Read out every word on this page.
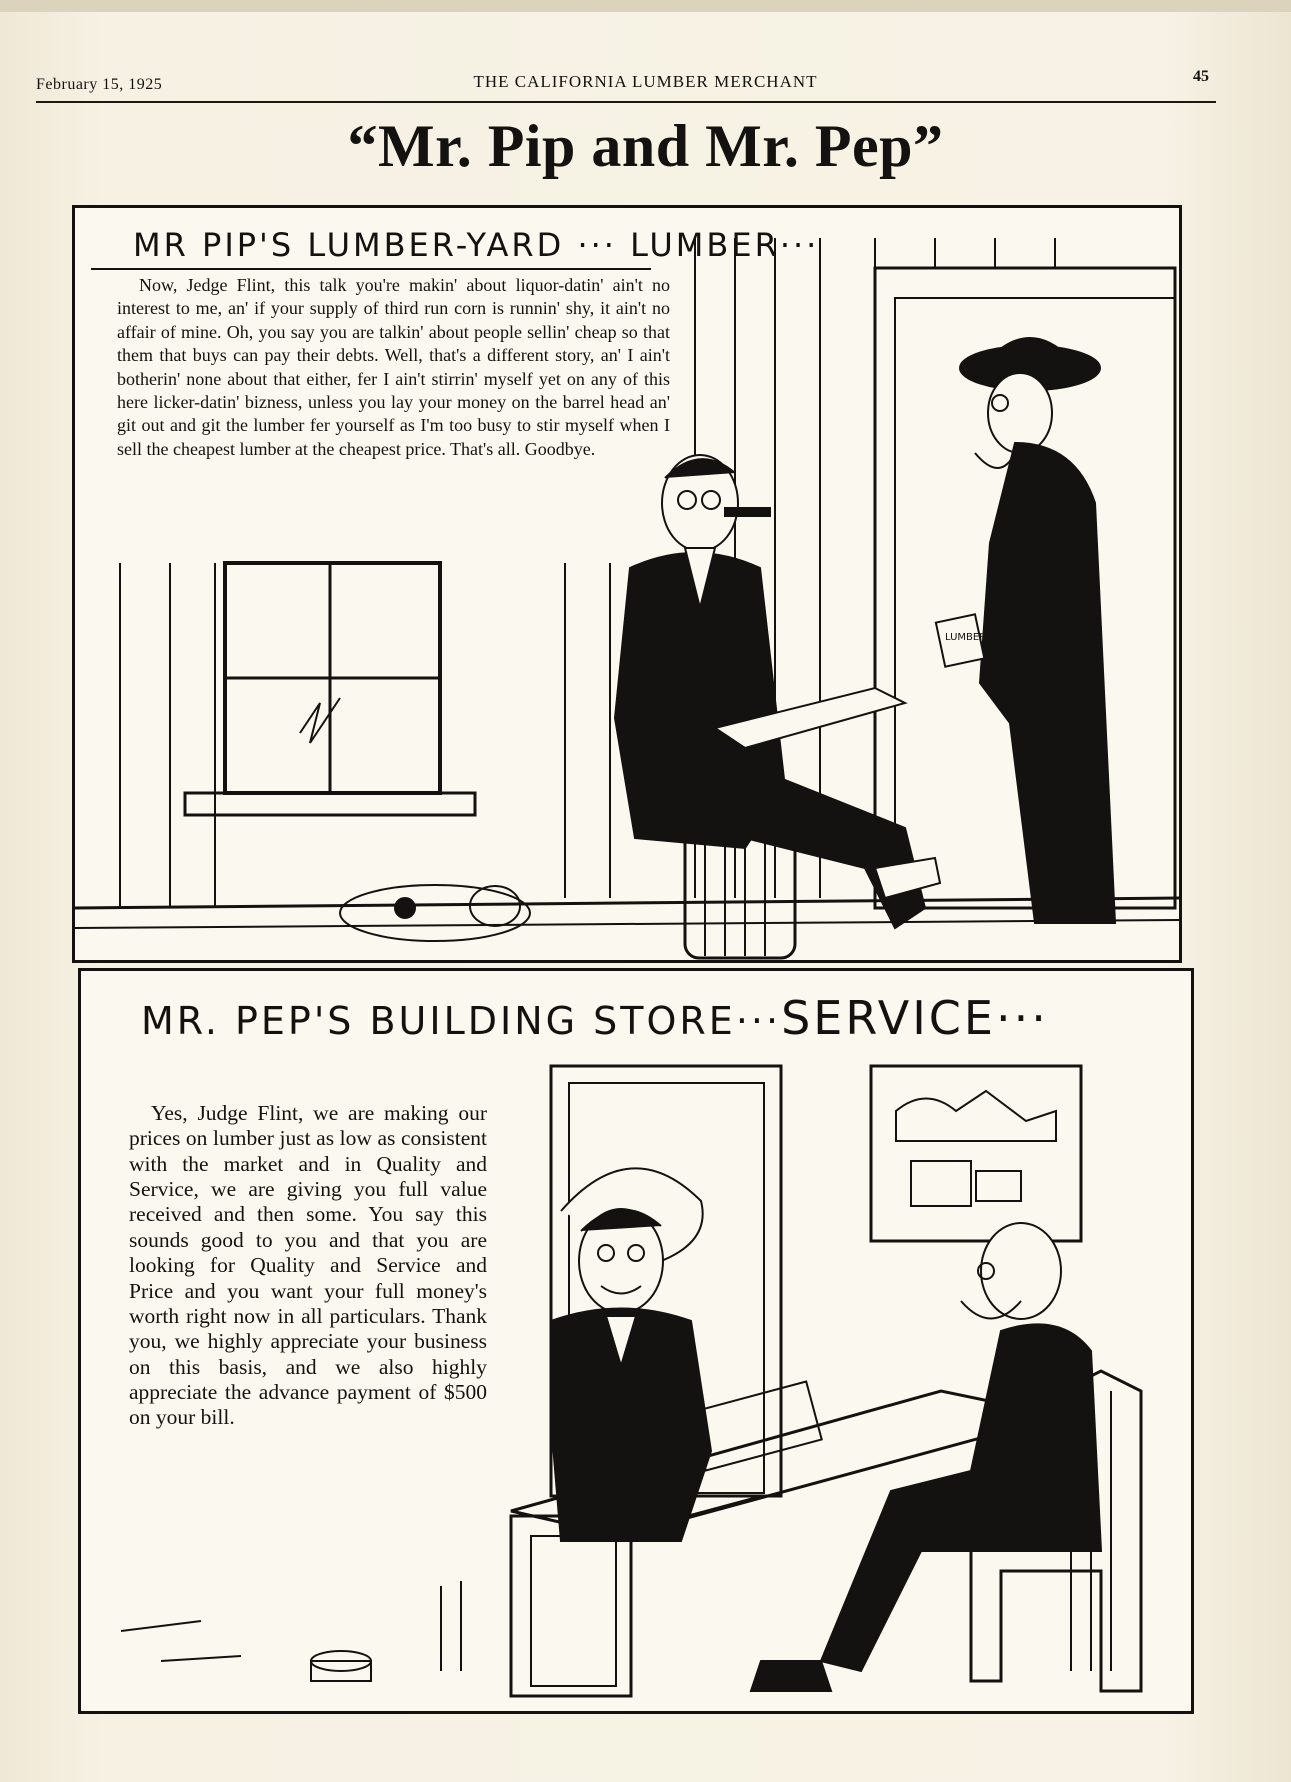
February 15, 1925	THE CALIFORNIA LUMBER MERCHANT	45
“Mr. Pip and Mr. Pep”
LUMBER BILL
MR PIP'S LUMBER-YARD ··· LUMBER···
Now, Jedge Flint, this talk you're makin' about liquor-datin' ain't no interest to me, an' if your supply of third run corn is runnin' shy, it ain't no affair of mine. Oh, you say you are talkin' about people sellin' cheap so that them that buys can pay their debts. Well, that's a different story, an' I ain't botherin' none about that either, fer I ain't stirrin' myself yet on any of this here licker-datin' bizness, unless you lay your money on the barrel head an' git out and git the lumber fer yourself as I'm too busy to stir myself when I sell the cheapest lumber at the cheapest price. That's all. Goodbye.
MR. PEP'S BUILDING STORE···SERVICE···
Yes, Judge Flint, we are making our prices on lumber just as low as consistent with the market and in Quality and Service, we are giving you full value received and then some. You say this sounds good to you and that you are looking for Quality and Service and Price and you want your full money's worth right now in all particulars. Thank you, we highly appreciate your business on this basis, and we also highly appreciate the advance payment of $500 on your bill.
